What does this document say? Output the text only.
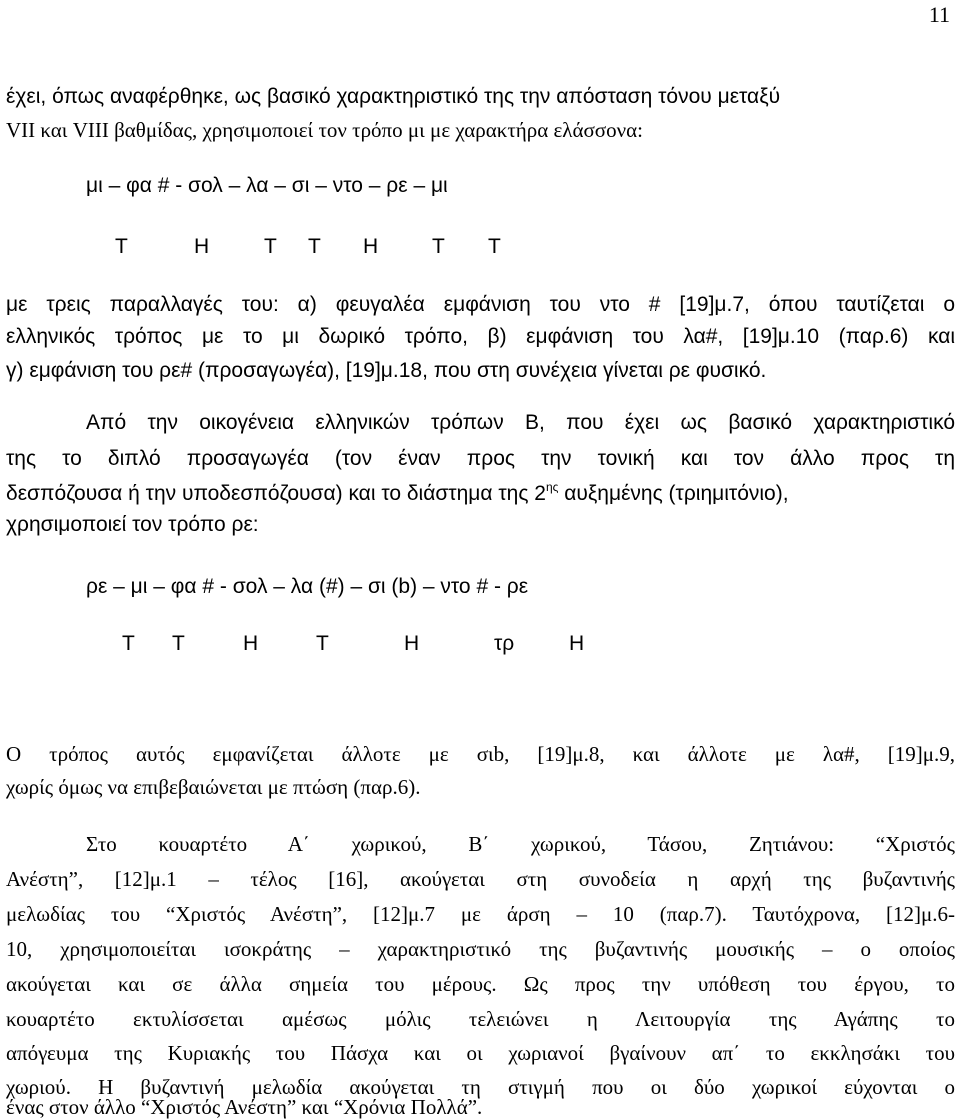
11
έχει, όπως αναφέρθηκε, ως βασικό χαρακτηριστικό της την απόσταση τόνου μεταξύ
VII και VIII βαθμίδας, χρησιμοποιεί τον τρόπο μι με χαρακτήρα ελάσσονα:
μι – φα # - σολ – λα – σι – ντο – ρε – μι
Τ	Η	Τ Τ Η	Τ Τ
με τρεις παραλλαγές του: α) φευγαλέα εμφάνιση του ντο # [19]μ.7, όπου ταυτίζεται ο
ελληνικός τρόπος με το μι δωρικό τρόπο, β) εμφάνιση του λα#, [19]μ.10 (παρ.6) και
γ) εμφάνιση του ρε# (προσαγωγέα), [19]μ.18, που στη συνέχεια γίνεται ρε φυσικό.
Από την οικογένεια ελληνικών τρόπων Β, που έχει ως βασικό χαρακτηριστικό
της το διπλό προσαγωγέα (τον έναν προς την τονική και τον άλλο προς τη
δεσπόζουσα ή την υποδεσπόζουσα) και το διάστημα της $2^{\eta\varsigma}$ αυξημένης (τριημιτόνιο),
χρησιμοποιεί τον τρόπο ρε:
ρε – μι – φα # - σολ – λα (#) – σι (b) – ντο # - ρε
Τ Τ	Η	Τ	Η	τρ	Η
Ο τρόπος αυτός εμφανίζεται άλλοτε με σιb, [19]μ.8, και άλλοτε με λα#, [19]μ.9,
χωρίς όμως να επιβεβαιώνεται με πτώση (παρ.6).
Στο κουαρτέτο Α΄ χωρικού, Β΄ χωρικού, Τάσου, Ζητιάνου: “Χριστός
Ανέστη”, [12]μ.1 – τέλος [16], ακούγεται στη συνοδεία η αρχή της βυζαντινής
μελωδίας του “Χριστός Ανέστη”, [12]μ.7 με άρση – 10 (παρ.7). Ταυτόχρονα, [12]μ.6-
10, χρησιμοποιείται ισοκράτης – χαρακτηριστικό της βυζαντινής μουσικής – ο οποίος
ακούγεται και σε άλλα σημεία του μέρους. Ως προς την υπόθεση του έργου, το
κουαρτέτο εκτυλίσσεται αμέσως μόλις τελειώνει η Λειτουργία της Αγάπης το
απόγευμα της Κυριακής του Πάσχα και οι χωριανοί βγαίνουν απ΄ το εκκλησάκι του
χωριού. Η βυζαντινή μελωδία ακούγεται τη στιγμή που οι δύο χωρικοί εύχονται ο
ένας στον άλλο “Χριστός Ανέστη” και “Χρόνια Πολλά”.
